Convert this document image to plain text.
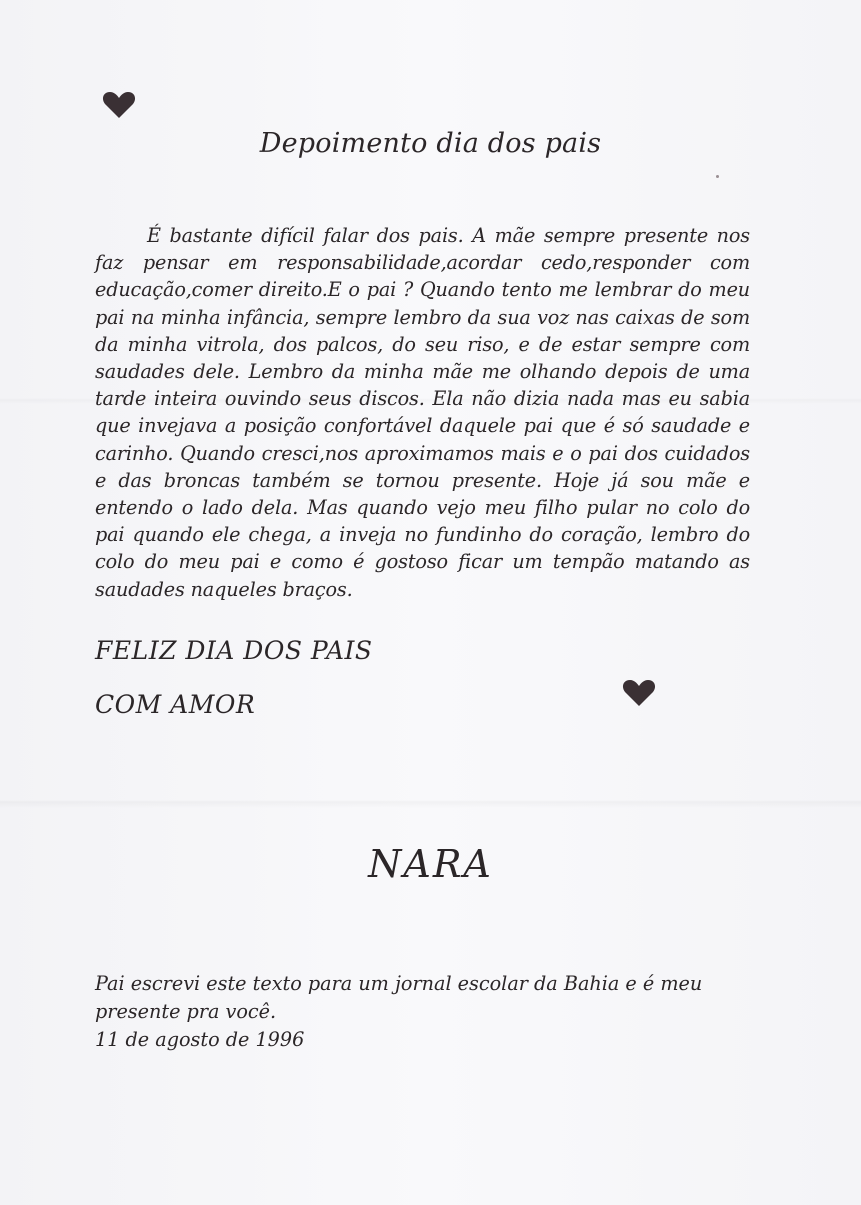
Depoimento dia dos pais
É bastante difícil falar dos pais. A mãe sempre presente nos faz pensar em responsabilidade,acordar cedo,responder com educação,comer direito.E o pai ? Quando tento me lembrar do meu pai na minha infância, sempre lembro da sua voz nas caixas de som da minha vitrola, dos palcos, do seu riso, e de estar sempre com saudades dele. Lembro da minha mãe me olhando depois de uma tarde inteira ouvindo seus discos. Ela não dizia nada mas eu sabia que invejava a posição confortável daquele pai que é só saudade e carinho. Quando cresci,nos aproximamos mais e o pai dos cuidados e das broncas também se tornou presente. Hoje já sou mãe e entendo o lado dela. Mas quando vejo meu filho pular no colo do pai quando ele chega, a inveja no fundinho do coração, lembro do colo do meu pai e como é gostoso ficar um tempão matando as saudades naqueles braços.
FELIZ DIA DOS PAIS
COM AMOR
NARA
Pai escrevi este texto para um jornal escolar da Bahia e é meu presente pra você.
11 de agosto de 1996
